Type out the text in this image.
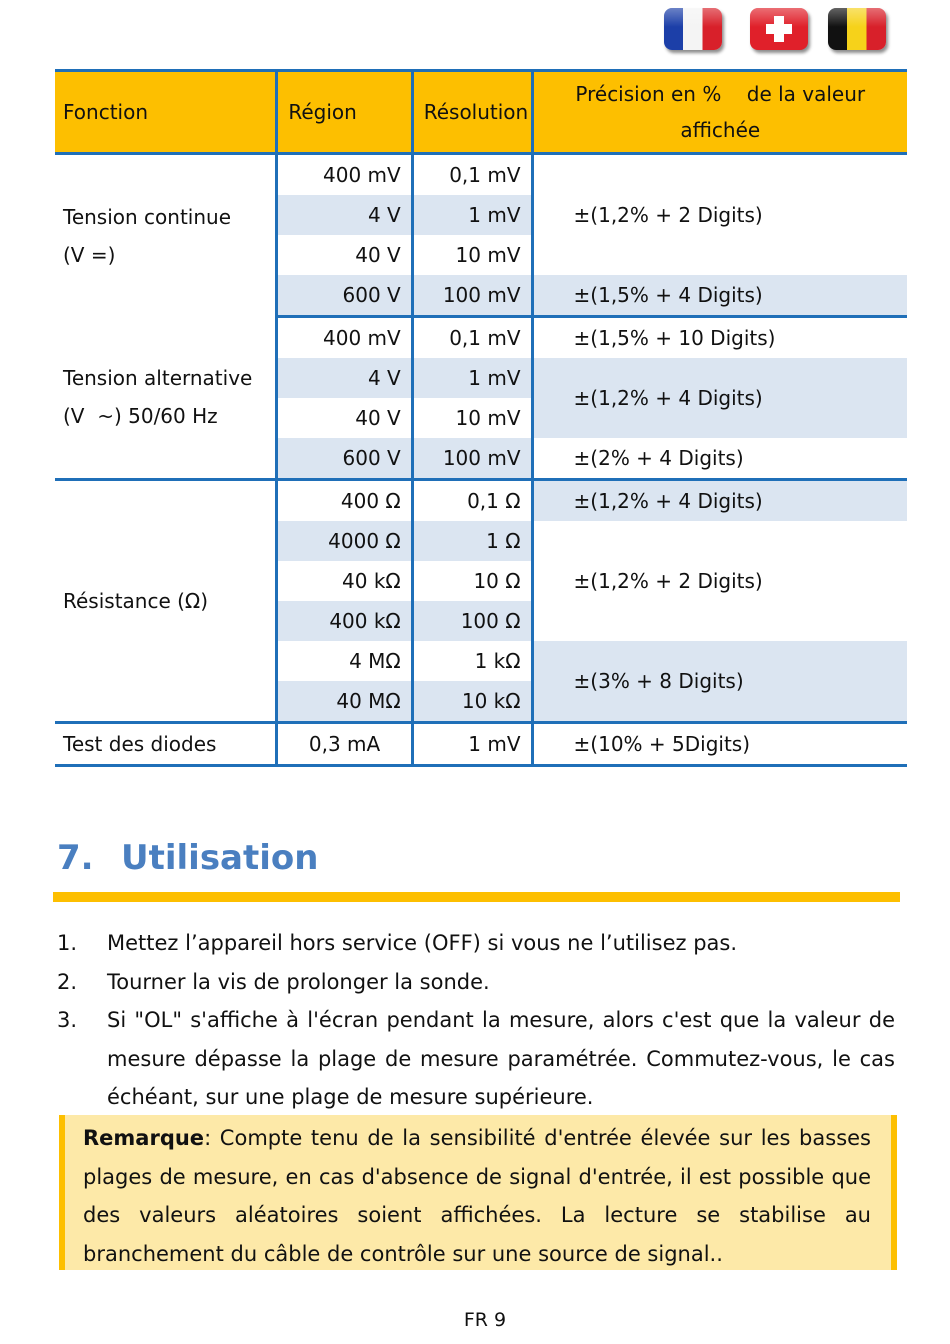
Fonction	Région	Résolution	Précision en %    de la valeur
affichée
Tension continue
(V =)	400 mV	0,1 mV	±(1,2% + 2 Digits)
	4 V	1 mV	
	40 V	10 mV	
	600 V	100 mV	±(1,5% + 4 Digits)
Tension alternative
(V  ~) 50/60 Hz	400 mV	0,1 mV	±(1,5% + 10 Digits)
	4 V	1 mV	±(1,2% + 4 Digits)
	40 V	10 mV	
	600 V	100 mV	±(2% + 4 Digits)
Résistance (Ω)	400 Ω	0,1 Ω	±(1,2% + 4 Digits)
	4000 Ω	1 Ω	±(1,2% + 2 Digits)
	40 kΩ	10 Ω	
	400 kΩ	100 Ω	
	4 MΩ	1 kΩ	±(3% + 8 Digits)
	40 MΩ	10 kΩ	
Test des diodes	0,3 mA	1 mV	±(10% + 5Digits)
7. Utilisation
1. Mettez l’appareil hors service (OFF) si vous ne l’utilisez pas.
2. Tourner la vis de prolonger la sonde.
3. Si "OL" s'affiche à l'écran pendant la mesure, alors c'est que la valeur de mesure dépasse la plage de mesure paramétrée. Commutez-vous, le cas échéant, sur une plage de mesure supérieure.
Remarque: Compte tenu de la sensibilité d'entrée élevée sur les basses plages de mesure, en cas d'absence de signal d'entrée, il est possible que des valeurs aléatoires soient affichées. La lecture se stabilise au branchement du câble de contrôle sur une source de signal..
FR 9
